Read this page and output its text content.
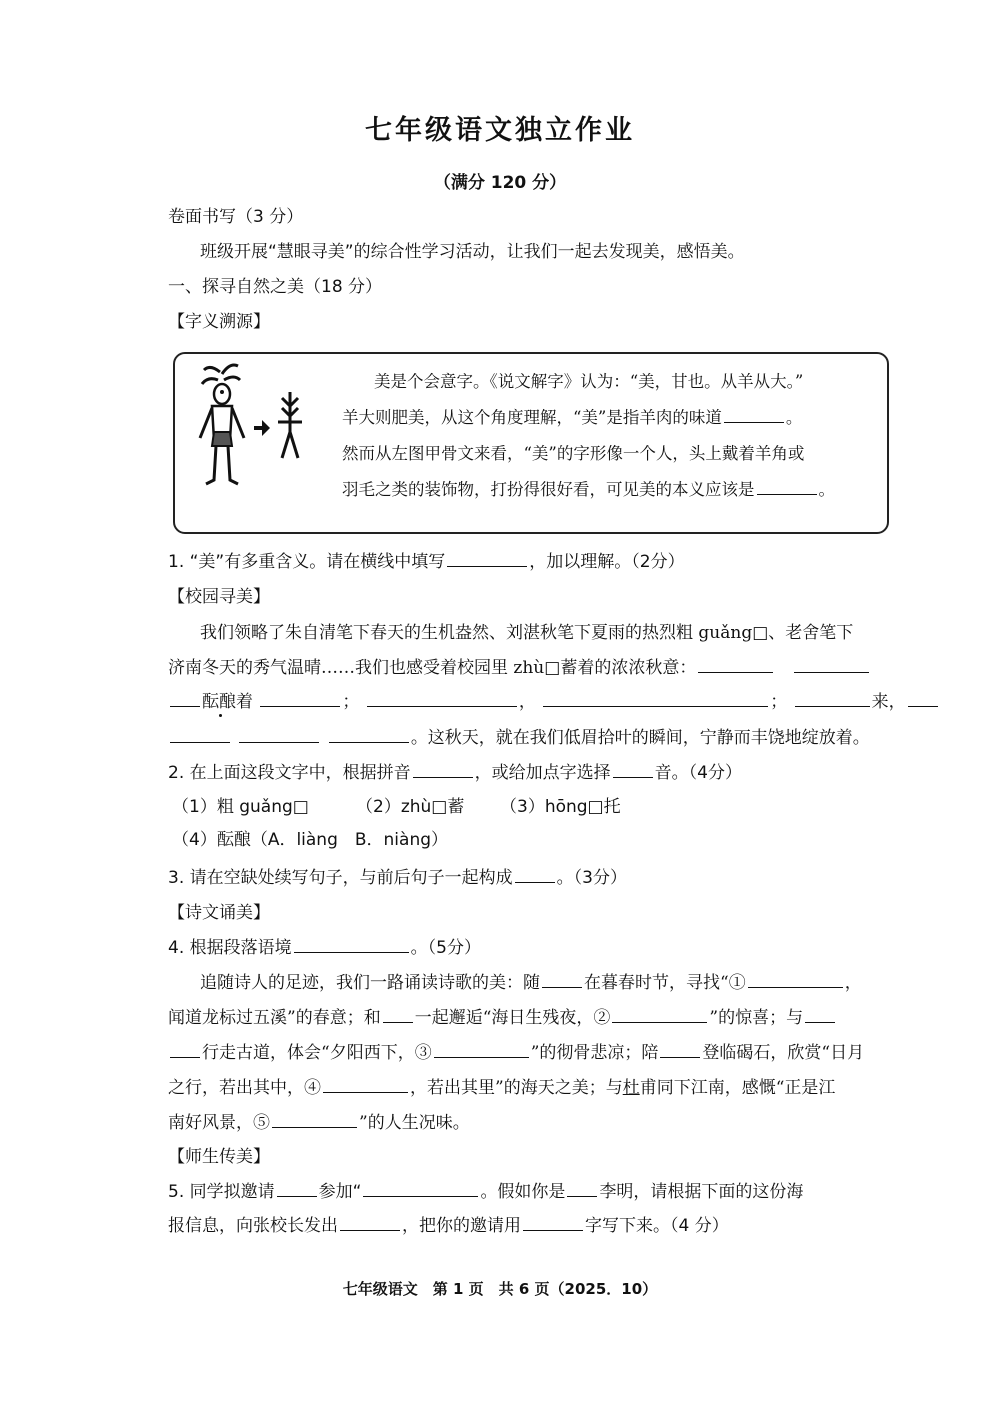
七年级语文独立作业
（满分 120 分）
卷面书写（3 分）
班级开展“慧眼寻美”的综合性学习活动，让我们一起去发现美，感悟美。
一、探寻自然之美（18 分）
【字义溯源】
美是个会意字。《说文解字》认为：“美，甘也。从羊从大。”
羊大则肥美，从这个角度理解，“美”是指羊肉的味道	。
然而从左图甲骨文来看，“美”的字形像一个人，头上戴着羊角或
羽毛之类的装饰物，打扮得很好看，可见美的本义应该是	。
1. “美”有多重含义。请在横线中填写	，加以理解。（2分）
【校园寻美】
我们领略了朱自清笔下春天的生机盎然、刘湛秋笔下夏雨的热烈粗 guǎng□、老舍笔下
济南冬天的秀气温晴……我们也感受着校园里 zhù□蓄着的浓浓秋意：　
酝酿着	；	，	；	来，
。这秋天，就在我们低眉拾叶的瞬间，宁静而丰饶地绽放着。
2. 在上面这段文字中，根据拼音	，或给加点字选择	音。（4分）
（1）粗 guǎng□	（2）zhù□蓄 （3）hōng□托
（4）酝酿（A．liàng　B．niàng）
3. 请在空缺处续写句子，与前后句子一起构成	。（3分）
【诗文诵美】
4. 根据段落语境	。（5分）
追随诗人的足迹，我们一路诵读诗歌的美：随	在暮春时节，寻找“①	，
闻道龙标过五溪”的春意；和 一起邂逅“海日生残夜，②	”的惊喜；与
行走古道，体会“夕阳西下，③	”的彻骨悲凉；陪	登临碣石，欣赏“日月
之行，若出其中，④	，若出其里”的海天之美；与杜甫同下江南，感慨“正是江
南好风景，⑤	”的人生况味。
【师生传美】
5. 同学拟邀请	参加“	。假如你是 李明，请根据下面的这份海
报信息，向张校长发出	，把你的邀请用	字写下来。（4 分）
七年级语文　第 1 页　共 6 页（2025．10）
